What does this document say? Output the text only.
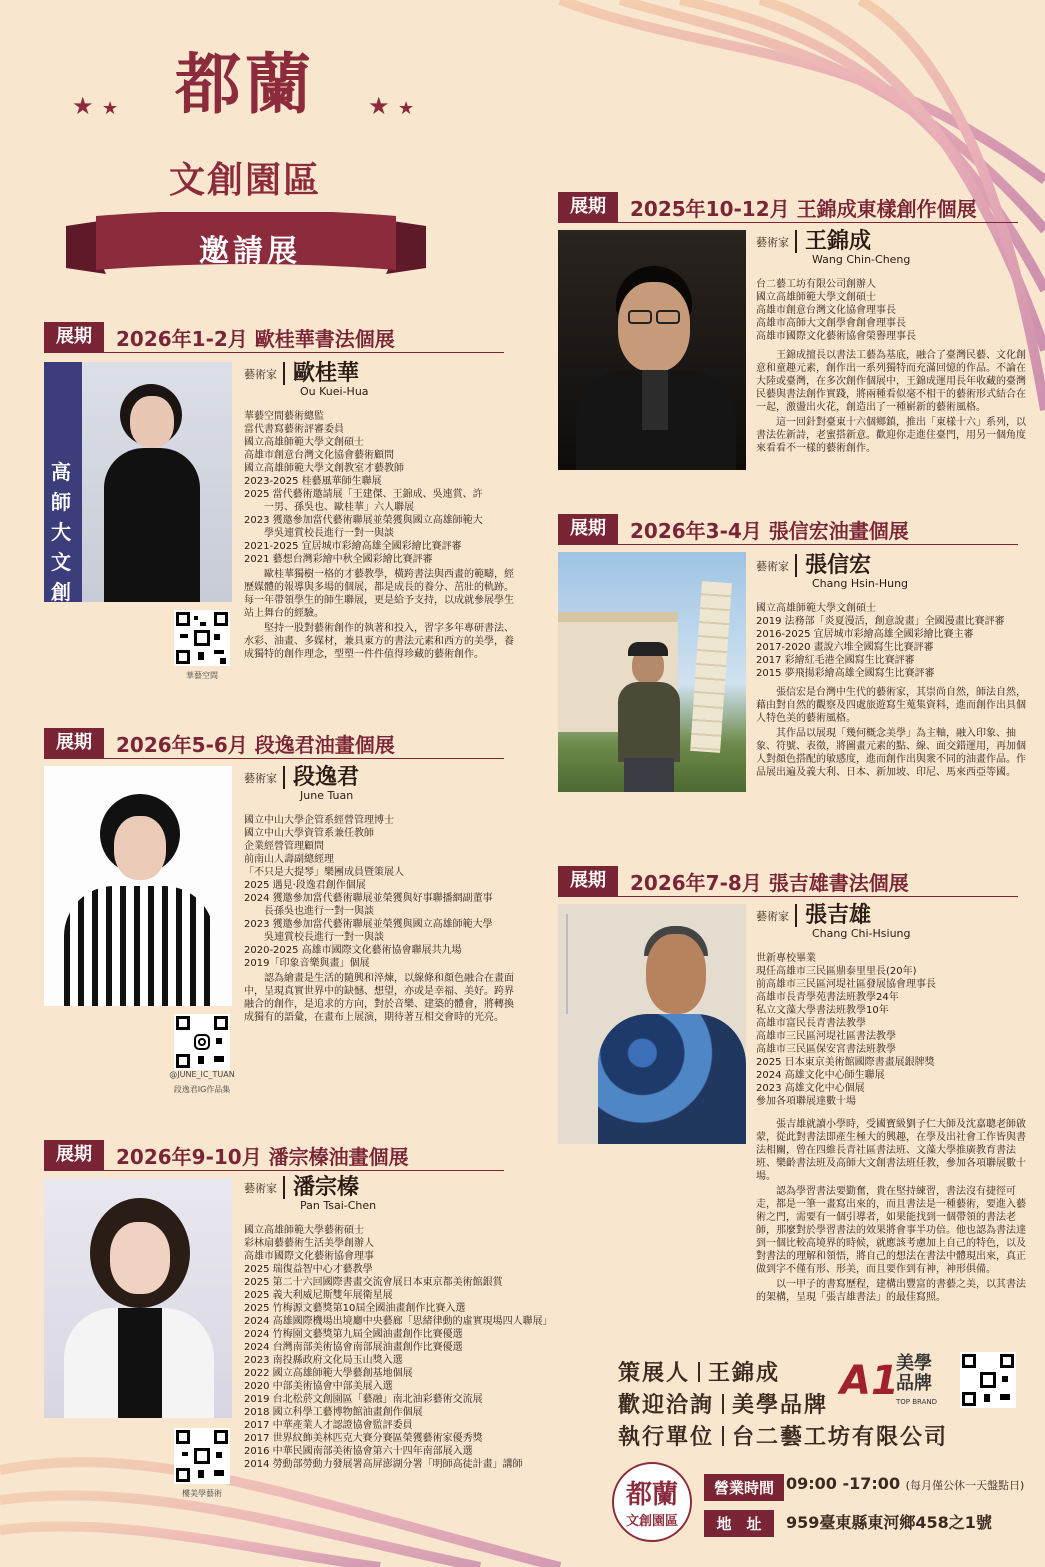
都蘭
★ ★	★ ★
文創園區
邀請展
展期	2026年1-2月 歐桂華書法個展
高師大文創
華藝空間
藝術家 歐桂華
Ou Kuei-Hua
華藝空間藝術總監
當代書寫藝術評審委員
國立高雄師範大學文創碩士
高雄市創意台灣文化協會藝術顧問
國立高雄師範大學文創教室才藝教師
2023-2025 桂藝風華師生聯展
2025 當代藝術邀請展「王建傑、王錦成、吳連賞、許
　　一男、孫吳也、歐桂華」六人聯展
2023 獲邀參加當代藝術聯展並榮獲與國立高雄師範大
　　學吳連賞校長進行一對一與談
2021-2025 宜居城市彩繪高雄全國彩繪比賽評審
2021 藝想台灣彩繪中秋全國彩繪比賽評審
歐桂華獨樹一格的才藝教學，橫跨書法與西畫的範疇，經歷媒體的報導與多場的個展，都是成長的養分、茁壯的軌跡。每一年帶領學生的師生聯展，更是給予支持，以成就參展學生站上舞台的經驗。
堅持一股對藝術創作的執著和投入，習字多年專研書法、水彩、油畫、多媒材，兼具東方的書法元素和西方的美學，養成獨特的創作理念，型塑一件件值得珍藏的藝術創作。
展期	2026年5-6月 段逸君油畫個展
@JUNE_IC_TUAN
段逸君IG作品集
藝術家 段逸君
June Tuan
國立中山大學企管系經營管理博士
國立中山大學資管系兼任教師
企業經營管理顧問
前南山人壽副總經理
「不只是大提琴」樂團成員暨策展人
2025 遇見·段逸君創作個展
2024 獲邀參加當代藝術聯展並榮獲與好事聯播網副董事
　　長孫吳也進行一對一與談
2023 獲邀參加當代藝術聯展並榮獲與國立高雄師範大學
　　吳連賞校長進行一對一與談
2020-2025 高雄市國際文化藝術協會聯展共九場
2019「印象音樂與畫」個展
認為繪畫是生活的隨興和淬煉，以線條和顏色融合在畫面中，呈現真實世界中的缺憾、想望，亦或是幸福、美好。跨界融合的創作，是追求的方向，對於音樂、建築的體會，將轉換成獨有的語彙，在畫布上展演，期待著互相交會時的光亮。
展期	2026年9-10月 潘宗榛油畫個展
樓美學藝術
藝術家 潘宗榛
Pan Tsai-Chen
國立高雄師範大學藝術碩士
彩林扇藝藝術生活美學創辦人
高雄市國際文化藝術協會理事
2025 瑞復益智中心才藝教學
2025 第二十六回國際書畫交流會展日本東京都美術館銀賞
2025 義大利威尼斯雙年展衛星展
2025 竹梅源文藝獎第10屆全國油畫創作比賽入選
2024 高雄國際機場出境廳中央藝廊「思緒律動的虛實現場四人聯展」
2024 竹梅園文藝獎第九屆全國油畫創作比賽優選
2024 台灣南部美術協會南部展油畫創作比賽優選
2023 南投縣政府文化局玉山獎入選
2022 國立高雄師範大學藝創基地個展
2020 中部美術協會中部美展入選
2019 台北松菸文創園區「藝融」南北油彩藝術交流展
2018 國立科學工藝博物館油畫創作個展
2017 中華產業人才認證協會監評委員
2017 世界紋飾美林匹克大賽分賽區榮獲藝術家優秀獎
2016 中華民國南部美術協會第六十四年南部展入選
2014 勞動部勞動力發展署高屏澎湖分署「明師高徒計畫」講師
展期	2025年10-12月 王錦成東樣創作個展
藝術家 王錦成
Wang Chin-Cheng
台二藝工坊有限公司創辦人
國立高雄師範大學文創碩士
高雄市創意台灣文化協會理事長
高雄市高師大文創學會創會理事長
高雄市國際文化藝術協會榮譽理事長
王錦成擅長以書法工藝為基底，融合了臺灣民藝、文化創意和童趣元素，創作出一系列獨特而充滿回憶的作品。不論在大陸或臺灣，在多次創作個展中，王錦成運用長年收藏的臺灣民藝與書法創作實踐，將兩種看似毫不相干的藝術形式結合在一起，激盪出火花，創造出了一種嶄新的藝術風格。
這一回針對臺東十六個鄉鎮，推出「東樣十六」系列，以書法佐新詩，老蜜搭新意。歡迎你走進住臺門，用另一個角度來看看不一樣的藝術創作。
展期	2026年3-4月 張信宏油畫個展
藝術家 張信宏
Chang Hsin-Hung
國立高雄師範大學文創碩士
2019 法務部「炎夏漫活，創意說畫」全國漫畫比賽評審
2016-2025 宜居城市彩繪高雄全國彩繪比賽主審
2017-2020 畫說六堆全國寫生比賽評審
2017 彩繪紅毛港全國寫生比賽評審
2015 夢飛揚彩繪高雄全國寫生比賽評審
張信宏是台灣中生代的藝術家，其崇尚自然，師法自然，藉由對自然的觀察及四處旅遊寫生蒐集資料，進而創作出具個人特色美的藝術風格。
其作品以展現「幾何概念美學」為主軸，融入印象、抽象、符號、表徵，將圖畫元素的點、線、面交錯運用，再加個人對顏色搭配的敏感度，進而創作出與衆不同的油畫作品。作品展出遍及義大利、日本、新加坡、印尼、馬來西亞等國。
展期	2026年7-8月 張吉雄書法個展
藝術家 張吉雄
Chang Chi-Hsiung
世新專校畢業
現任高雄市三民區鼎泰里里長(20年)
前高雄市三民區河堤社區發展協會理事長
高雄市長青學苑書法班教學24年
私立文藻大學書法班教學10年
高雄市富民長青書法教學
高雄市三民區河堤社區書法教學
高雄市三民區保安宮書法班教學
2025 日本東京美術館國際書畫展銀牌獎
2024 高雄文化中心師生聯展
2023 高雄文化中心個展
參加各項聯展達數十場
張吉雄就讀小學時，受國寶級劉子仁大師及沈嘉聰老師啟蒙，從此對書法即產生極大的興趣，在學及出社會工作皆與書法相關，曾在四維長青社區書法班、文藻大學推廣教育書法班、樂齡書法班及高師大文創書法班任教，參加各項聯展數十場。
認為學習書法要勤奮，貴在堅持練習，書法沒有捷徑可走，都是一筆一畫寫出來的，而且書法是一種藝術，要進入藝術之門，需要有一個引導者，如果能找到一個帶領的書法老師，那麼對於學習書法的效果將會事半功倍。他也認為書法達到一個比較高境界的時候，就應該考慮加上自己的特色，以及對書法的理解和領悟，將自己的想法在書法中體現出來，真正做到字不僅有形、形美，而且要作到有神，神形俱備。
以一甲子的書寫歷程，建構出豐富的書藝之美，以其書法的架構，呈現「張吉雄書法」的最佳寫照。
策展人 王錦成
歡迎洽詢 美學品牌
執行單位 台二藝工坊有限公司
A1
美學品牌
TOP BRAND
都蘭
文創園區
營業時間 09:00 -17:00 (每月僅公休一天盤點日)
地　址	959臺東縣東河鄉458之1號
